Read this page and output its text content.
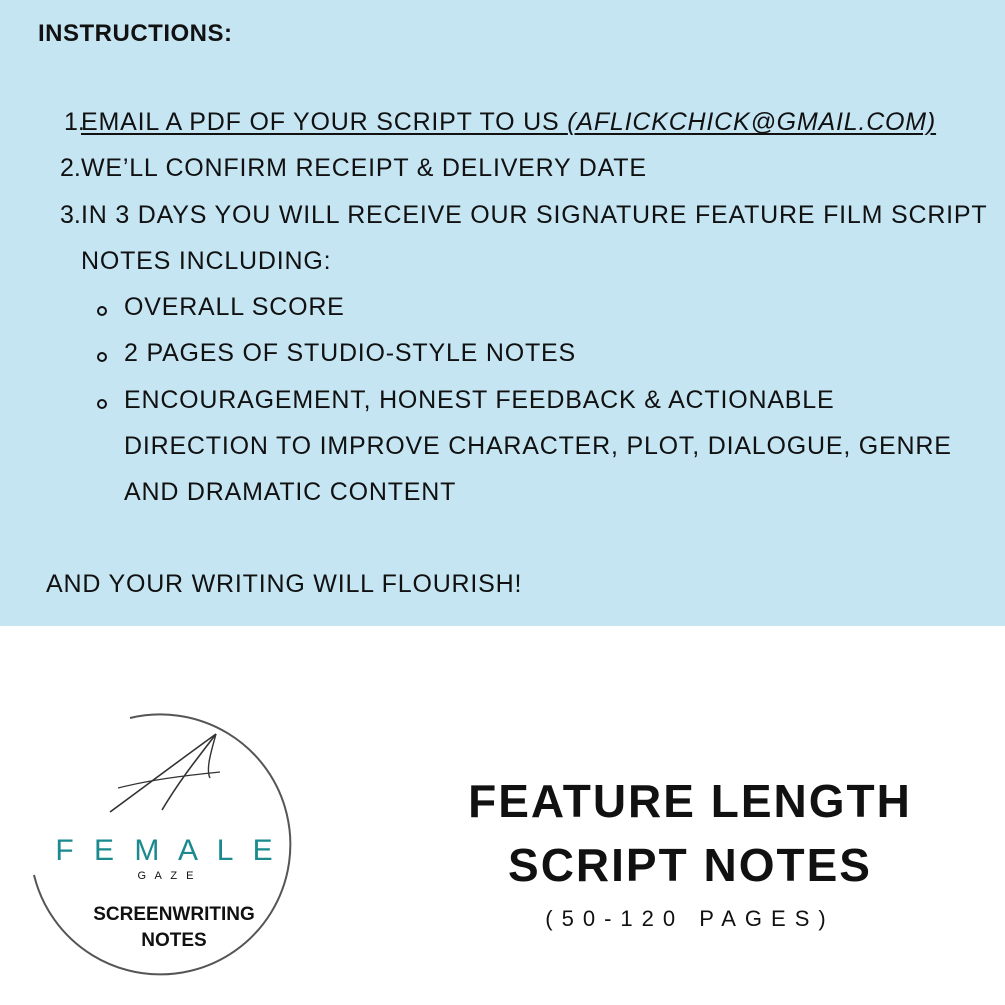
INSTRUCTIONS:
1.
EMAIL A PDF OF YOUR SCRIPT TO US (AFLICKCHICK@GMAIL.COM)
2. WE’LL CONFIRM RECEIPT & DELIVERY DATE
3. IN 3 DAYS YOU WILL RECEIVE OUR SIGNATURE FEATURE FILM SCRIPT
NOTES INCLUDING:
OVERALL SCORE
2 PAGES OF STUDIO-STYLE NOTES
ENCOURAGEMENT, HONEST FEEDBACK & ACTIONABLE
DIRECTION TO IMPROVE CHARACTER, PLOT, DIALOGUE, GENRE
AND DRAMATIC CONTENT
AND YOUR WRITING WILL FLOURISH!
F E M A L E
G A Z E
SCREENWRITING
NOTES
FEATURE LENGTH
SCRIPT NOTES
(50-120 PAGES)
